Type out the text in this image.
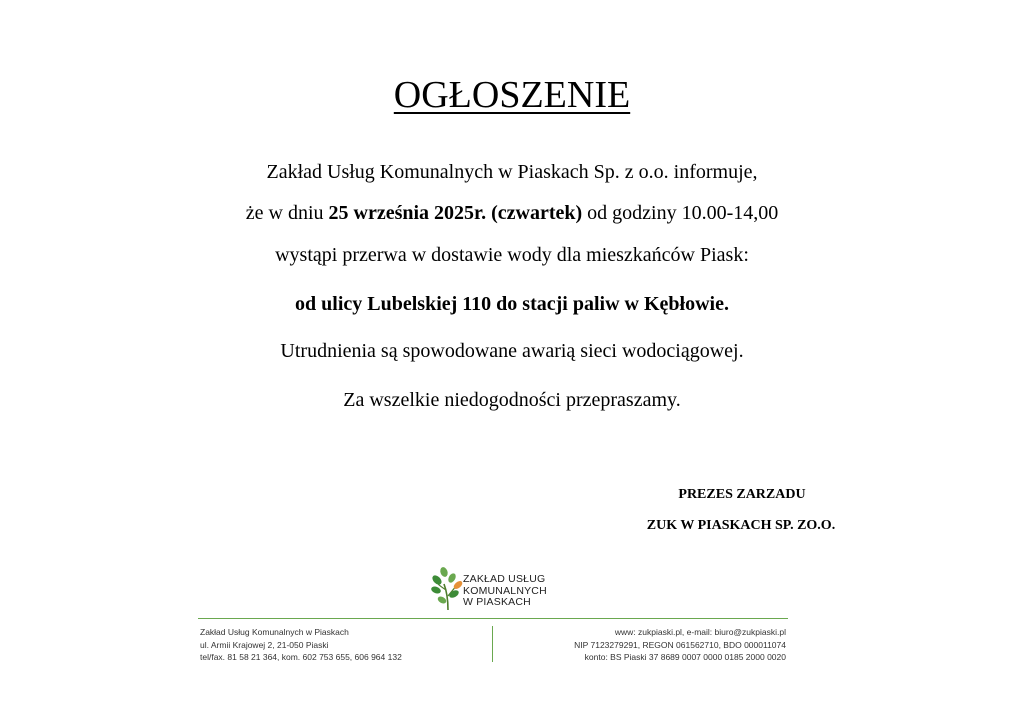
OGŁOSZENIE
Zakład Usług Komunalnych w Piaskach Sp. z o.o. informuje,
że w dniu 25 września 2025r. (czwartek) od godziny 10.00-14,00
wystąpi przerwa w dostawie wody dla mieszkańców Piask:
od ulicy Lubelskiej 110 do stacji paliw w Kębłowie.
Utrudnienia są spowodowane awarią sieci wodociągowej.
Za wszelkie niedogodności przepraszamy.
PREZES ZARZADU
ZUK W PIASKACH SP. ZO.O.
ZAKŁAD USŁUG
KOMUNALNYCH
W PIASKACH
Zakład Usług Komunalnych w Piaskach
ul. Armii Krajowej 2, 21-050 Piaski
tel/fax. 81 58 21 364, kom. 602 753 655, 606 964 132
www: zukpiaski.pl, e-mail: biuro@zukpiaski.pl
NIP 7123279291, REGON 061562710, BDO 000011074
konto: BS Piaski 37 8689 0007 0000 0185 2000 0020
